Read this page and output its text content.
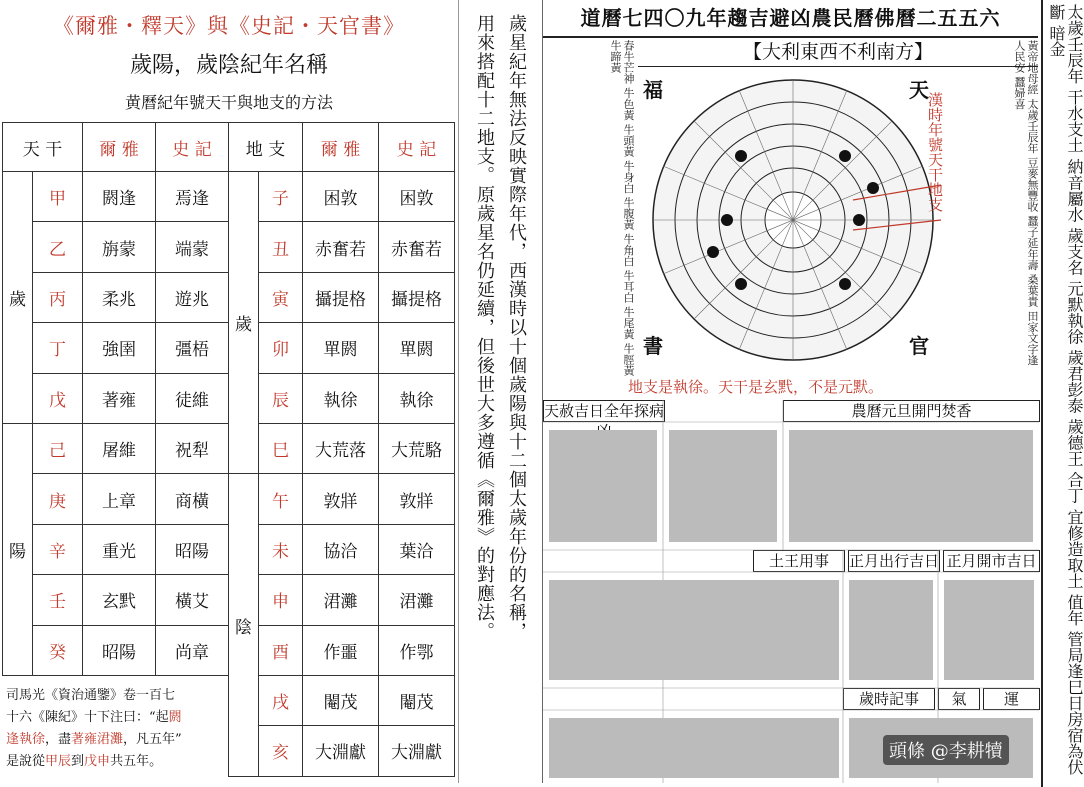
《爾雅・釋天》與《史記・天官書》
歲陽，歲陰紀年名稱
黄曆紀年號天干與地支的方法
天 干		爾 雅	史 記	地 支		爾 雅	史 記
歲	甲	閼逢	焉逢	歲	子	困敦	困敦
	乙	旃蒙	端蒙		丑	赤奮若	赤奮若
	丙	柔兆	遊兆		寅	攝提格	攝提格
	丁	強圉	彊梧		卯	單閼	單閼
	戊	著雍	徒維		辰	執徐	執徐
陽	己	屠維	祝犁		巳	大荒落	大荒駱
	庚	上章	商橫	陰	午	敦牂	敦牂
	辛	重光	昭陽		未	協洽	葉洽
	壬	玄黓	橫艾		申	涒灘	涒灘
	癸	昭陽	尚章		酉	作噩	作鄂
					戌	閹茂	閹茂
					亥	大淵獻	大淵獻
司馬光《資治通鑒》卷一百七
十六《陳紀》十下注曰：“起閼
逢執徐，盡著雍涒灘，凡五年”
是說從甲辰到戊申共五年。
歲星紀年無法反映實際年代，西漢時以十個歲陽與十二個太歲年份的名稱，
用來搭配十二地支。原歲星名仍延續，但後世大多遵循《爾雅》的對應法。	道曆七四〇九年趨吉避凶農民曆佛曆二五五六
【大利東西不利南方】	太歲壬辰年 干水支土 納音屬水 歲支名 元默執徐 歲君彭泰 歲德王 合丁 宜修造取土 值年 管局逢巳日房宿為伏斷 暗金
春牛芒神 牛色黃 牛頭黃 牛身白 牛腹黃 牛角白 牛耳白 牛尾黃 牛脛黃 牛蹄黃	黃帝地母經 太歲壬辰年 豆麥無豐收 蠶子延年壽 桑葉貴 田家文字逢 人民安 蠶婦喜
福	天
書	官
漢時年號天干地支
地支是執徐。天干是玄黓，不是元默。
天赦吉日全年探病	農曆元旦開門焚香
土王用事	正月出行吉日 正月開市吉日
歲時記事	氣	運
頭條 @李耕犢
